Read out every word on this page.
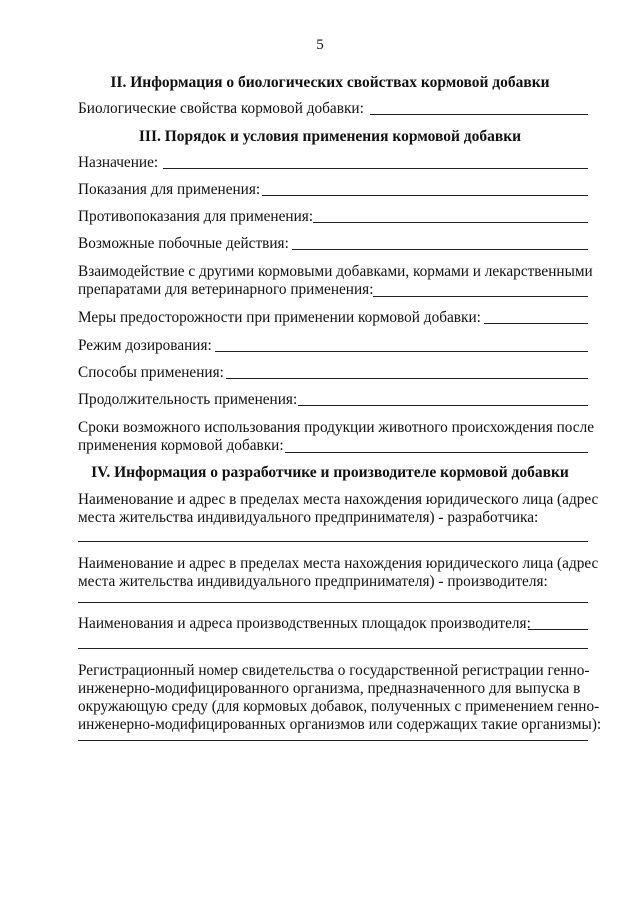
5
II. Информация о биологических свойствах кормовой добавки
Биологические свойства кормовой добавки:
III. Порядок и условия применения кормовой добавки
Назначение:
Показания для применения:
Противопоказания для применения:
Возможные побочные действия:
Взаимодействие с другими кормовыми добавками, кормами и лекарственными
препаратами для ветеринарного применения:
Меры предосторожности при применении кормовой добавки:
Режим дозирования:
Способы применения:
Продолжительность применения:
Сроки возможного использования продукции животного происхождения после
применения кормовой добавки:
IV. Информация о разработчике и производителе кормовой добавки
Наименование и адрес в пределах места нахождения юридического лица (адрес
места жительства индивидуального предпринимателя) - разработчика:
Наименование и адрес в пределах места нахождения юридического лица (адрес
места жительства индивидуального предпринимателя) - производителя:
Наименования и адреса производственных площадок производителя:
Регистрационный номер свидетельства о государственной регистрации генно-
инженерно-модифицированного организма, предназначенного для выпуска в
окружающую среду (для кормовых добавок, полученных с применением генно-
инженерно-модифицированных организмов или содержащих такие организмы):
